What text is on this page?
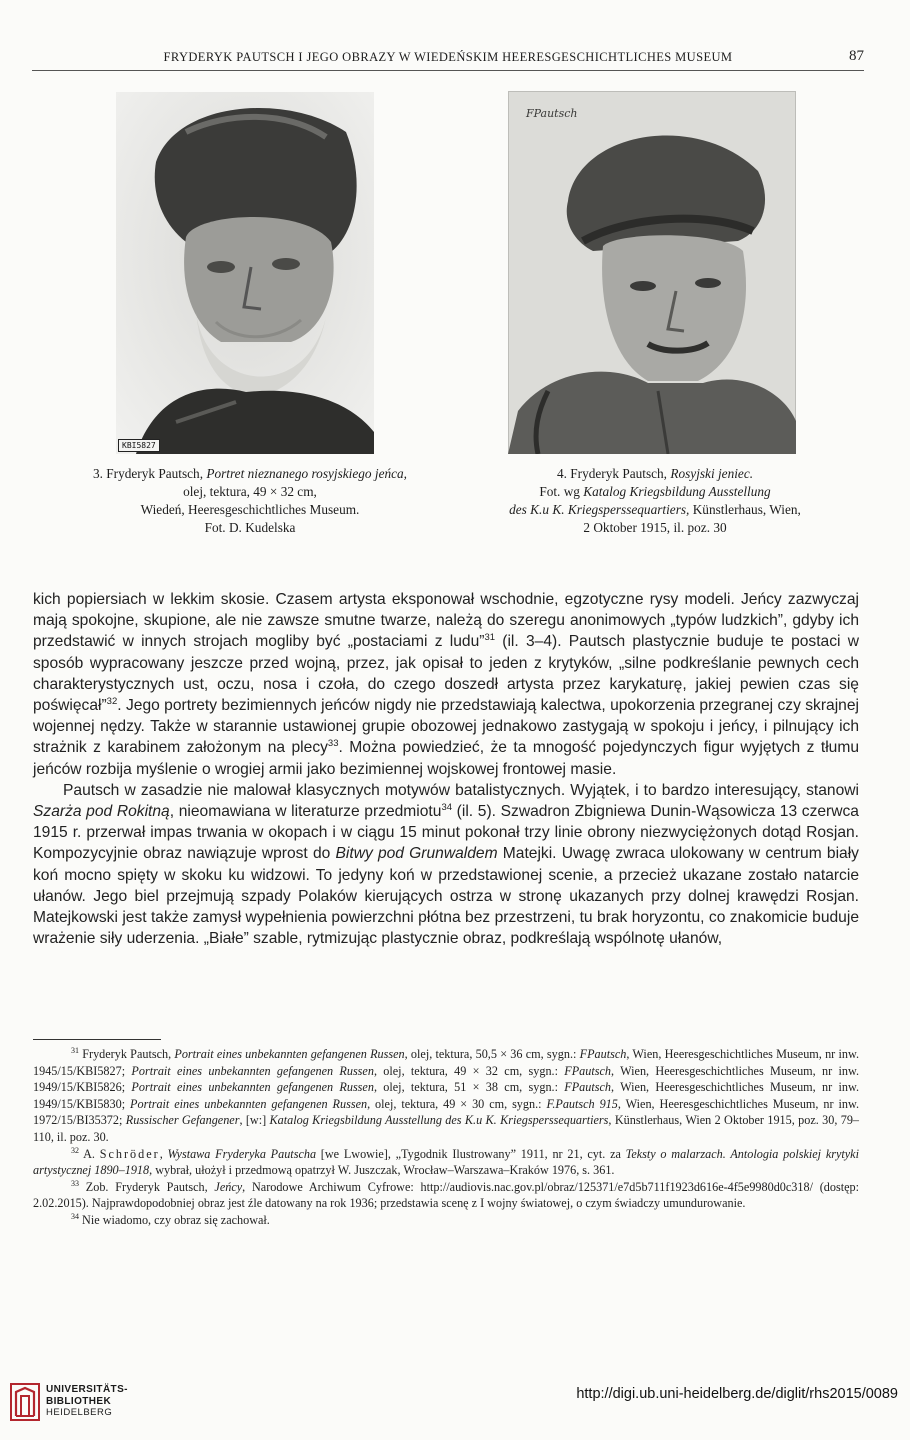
FRYDERYK PAUTSCH I JEGO OBRAZY W WIEDEŃSKIM HEERESGESCHICHTLICHES MUSEUM	87
KBI5827
3. Fryderyk Pautsch, Portret nieznanego rosyjskiego jeńca,
olej, tektura, 49 × 32 cm,
Wiedeń, Heeresgeschichtliches Museum.
Fot. D. Kudelska
FPautsch
4. Fryderyk Pautsch, Rosyjski jeniec.
Fot. wg Katalog Kriegsbildung Ausstellung
des K.u K. Kriegsperssequartiers, Künstlerhaus, Wien,
2 Oktober 1915, il. poz. 30

kich popiersiach w lekkim skosie. Czasem artysta eksponował wschodnie, egzotyczne rysy modeli. Jeńcy zazwyczaj mają spokojne, skupione, ale nie zawsze smutne twarze, należą do szeregu anonimowych „typów ludzkich”, gdyby ich przedstawić w innych strojach mogliby być „postaciami z ludu”$^{31}$ (il. 3–4). Pautsch plastycznie buduje te postaci w sposób wypracowany jeszcze przed wojną, przez, jak opisał to jeden z krytyków, „silne podkreślanie pewnych cech charakterystycznych ust, oczu, nosa i czoła, do czego doszedł artysta przez karykaturę, jakiej pewien czas się poświęcał”$^{32}$. Jego portrety bezimiennych jeńców nigdy nie przedstawiają kalectwa, upokorzenia przegranej czy skrajnej wojennej nędzy. Także w starannie ustawionej grupie obozowej jednakowo zastygają w spokoju i jeńcy, i pilnujący ich strażnik z karabinem założonym na plecy$^{33}$. Można powiedzieć, że ta mnogość pojedynczych figur wyjętych z tłumu jeńców rozbija myślenie o wrogiej armii jako bezimiennej wojskowej frontowej masie.

Pautsch w zasadzie nie malował klasycznych motywów batalistycznych. Wyjątek, i to bardzo interesujący, stanowi Szarża pod Rokitną, nieomawiana w literaturze przedmiotu$^{34}$ (il. 5). Szwadron Zbigniewa Dunin-Wąsowicza 13 czerwca 1915 r. przerwał impas trwania w okopach i w ciągu 15 minut pokonał trzy linie obrony niezwyciężonych dotąd Rosjan. Kompozycyjnie obraz nawiązuje wprost do Bitwy pod Grunwaldem Matejki. Uwagę zwraca ulokowany w centrum biały koń mocno spięty w skoku ku widzowi. To jedyny koń w przedstawionej scenie, a przecież ukazane zostało natarcie ułanów. Jego biel przejmują szpady Polaków kierujących ostrza w stronę ukazanych przy dolnej krawędzi Rosjan. Matejkowski jest także zamysł wypełnienia powierzchni płótna bez przestrzeni, tu brak horyzontu, co znakomicie buduje wrażenie siły uderzenia. „Białe” szable, rytmizując plastycznie obraz, podkreślają wspólnotę ułanów,

$^{31}$ Fryderyk Pautsch, Portrait eines unbekannten gefangenen Russen, olej, tektura, 50,5 × 36 cm, sygn.: FPautsch, Wien, Heeresgeschichtliches Museum, nr inw. 1945/15/KBI5827; Portrait eines unbekannten gefangenen Russen, olej, tektura, 49 × 32 cm, sygn.: FPautsch, Wien, Heeresgeschichtliches Museum, nr inw. 1949/15/KBI5826; Portrait eines unbekannten gefangenen Russen, olej, tektura, 51 × 38 cm, sygn.: FPautsch, Wien, Heeresgeschichtliches Museum, nr inw. 1949/15/KBI5830; Portrait eines unbekannten gefangenen Russen, olej, tektura, 49 × 30 cm, sygn.: F.Pautsch 915, Wien, Heeresgeschichtliches Museum, nr inw. 1972/15/BI35372; Russischer Gefangener, [w:] Katalog Kriegsbildung Ausstellung des K.u K. Kriegsperssequartiers, Künstlerhaus, Wien 2 Oktober 1915, poz. 30, 79–110, il. poz. 30.

$^{32}$ A. Schröder, Wystawa Fryderyka Pautscha [we Lwowie], „Tygodnik Ilustrowany” 1911, nr 21, cyt. za Teksty o malarzach. Antologia polskiej krytyki artystycznej 1890–1918, wybrał, ułożył i przedmową opatrzył W. Juszczak, Wrocław–Warszawa–Kraków 1976, s. 361.

$^{33}$ Zob. Fryderyk Pautsch, Jeńcy, Narodowe Archiwum Cyfrowe: http://audiovis.nac.gov.pl/obraz/125371/e7d5b711f1923d616e-4f5e9980d0c318/ (dostęp: 2.02.2015). Najprawdopodobniej obraz jest źle datowany na rok 1936; przedstawia scenę z I wojny światowej, o czym świadczy umundurowanie.

$^{34}$ Nie wiadomo, czy obraz się zachował.

UNIVERSITÄTS-
BIBLIOTHEK
HEIDELBERG
http://digi.ub.uni-heidelberg.de/diglit/rhs2015/0089
